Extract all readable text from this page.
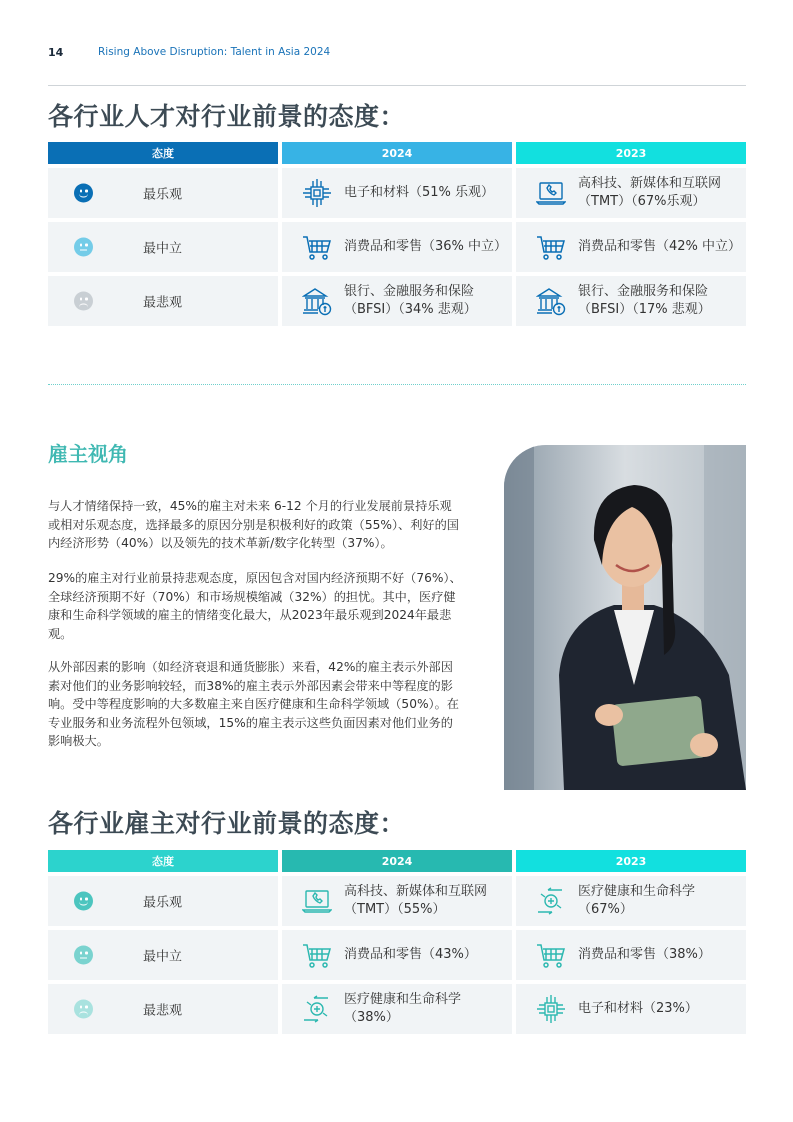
14	Rising Above Disruption: Talent in Asia 2024
各行业人才对行业前景的态度：
态度	2024	2023

最乐观	电子和材料（51% 乐观）	高科技、新媒体和互联网（TMT）（67%乐观）

最中立	消费品和零售（36% 中立）	消费品和零售（42% 中立）

最悲观	银行、金融服务和保险（BFSI）（34% 悲观）	银行、金融服务和保险（BFSI）（17% 悲观）
雇主视角

与人才情绪保持一致，45%的雇主对未来 6-12 个月的行业发展前景持乐观或相对乐观态度，选择最多的原因分别是积极利好的政策（55%）、利好的国内经济形势（40%）以及领先的技术革新/数字化转型（37%）。

29%的雇主对行业前景持悲观态度，原因包含对国内经济预期不好（76%）、全球经济预期不好（70%）和市场规模缩减（32%）的担忧。其中，医疗健康和生命科学领域的雇主的情绪变化最大，从2023年最乐观到2024年最悲观。

从外部因素的影响（如经济衰退和通货膨胀）来看，42%的雇主表示外部因素对他们的业务影响较轻，而38%的雇主表示外部因素会带来中等程度的影响。受中等程度影响的大多数雇主来自医疗健康和生命科学领域（50%）。在专业服务和业务流程外包领域，15%的雇主表示这些负面因素对他们业务的影响极大。

各行业雇主对行业前景的态度：
态度	2024	2023

最乐观	高科技、新媒体和互联网（TMT）（55%）	医疗健康和生命科学（67%）

最中立	消费品和零售（43%）	消费品和零售（38%）

最悲观	医疗健康和生命科学（38%）	电子和材料（23%）
